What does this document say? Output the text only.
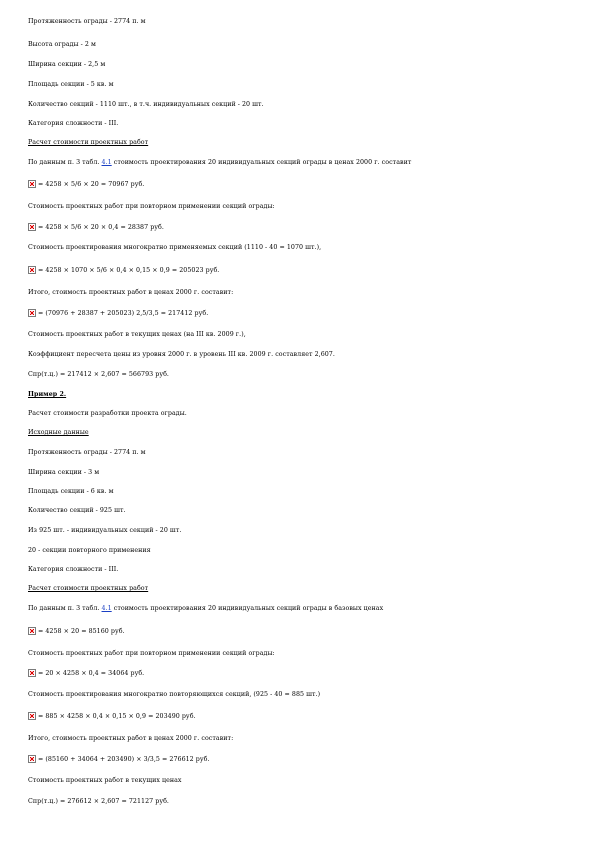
Протяженность ограды - 2774 п. м
Высота ограды - 2 м
Ширина секции - 2,5 м
Площадь секции - 5 кв. м
Количество секций - 1110 шт., в т.ч. индивидуальных секций - 20 шт.
Категория сложности - III.
Расчет стоимости проектных работ
По данным п. 3 табл. 4.1 стоимость проектирования 20 индивидуальных секций ограды в ценах 2000 г. составит
= 4258 × 5/6 × 20 = 70967 руб.
Стоимость проектных работ при повторном применении секций ограды:
= 4258 × 5/6 × 20 × 0,4 = 28387 руб.
Стоимость проектирования многократно применяемых секций (1110 - 40 = 1070 шт.),
= 4258 × 1070 × 5/6 × 0,4 × 0,15 × 0,9 = 205023 руб.
Итого, стоимость проектных работ в ценах 2000 г. составит:
= (70976 + 28387 + 205023) 2,5/3,5 = 217412 руб.
Стоимость проектных работ в текущих ценах (на III кв. 2009 г.),
Коэффициент пересчета цены из уровня 2000 г. в уровень III кв. 2009 г. составляет 2,607.
Спр(т.ц.) = 217412 × 2,607 = 566793 руб.
Пример 2.
Расчет стоимости разработки проекта ограды.
Исходные данные
Протяженность ограды - 2774 п. м
Ширина секции - 3 м
Площадь секции - 6 кв. м
Количество секций - 925 шт.
Из 925 шт. - индивидуальных секций - 20 шт.
20 - секции повторного применения
Категория сложности - III.
Расчет стоимости проектных работ
По данным п. 3 табл. 4.1 стоимость проектирования 20 индивидуальных секций ограды в базовых ценах
= 4258 × 20 = 85160 руб.
Стоимость проектных работ при повторном применении секций ограды:
= 20 × 4258 × 0,4 = 34064 руб.
Стоимость проектирования многократно повторяющихся секций, (925 - 40 = 885 шт.)
= 885 × 4258 × 0,4 × 0,15 × 0,9 = 203490 руб.
Итого, стоимость проектных работ в ценах 2000 г. составит:
= (85160 + 34064 + 203490) × 3/3,5 = 276612 руб.
Стоимость проектных работ в текущих ценах
Спр(т.ц.) = 276612 × 2,607 = 721127 руб.
